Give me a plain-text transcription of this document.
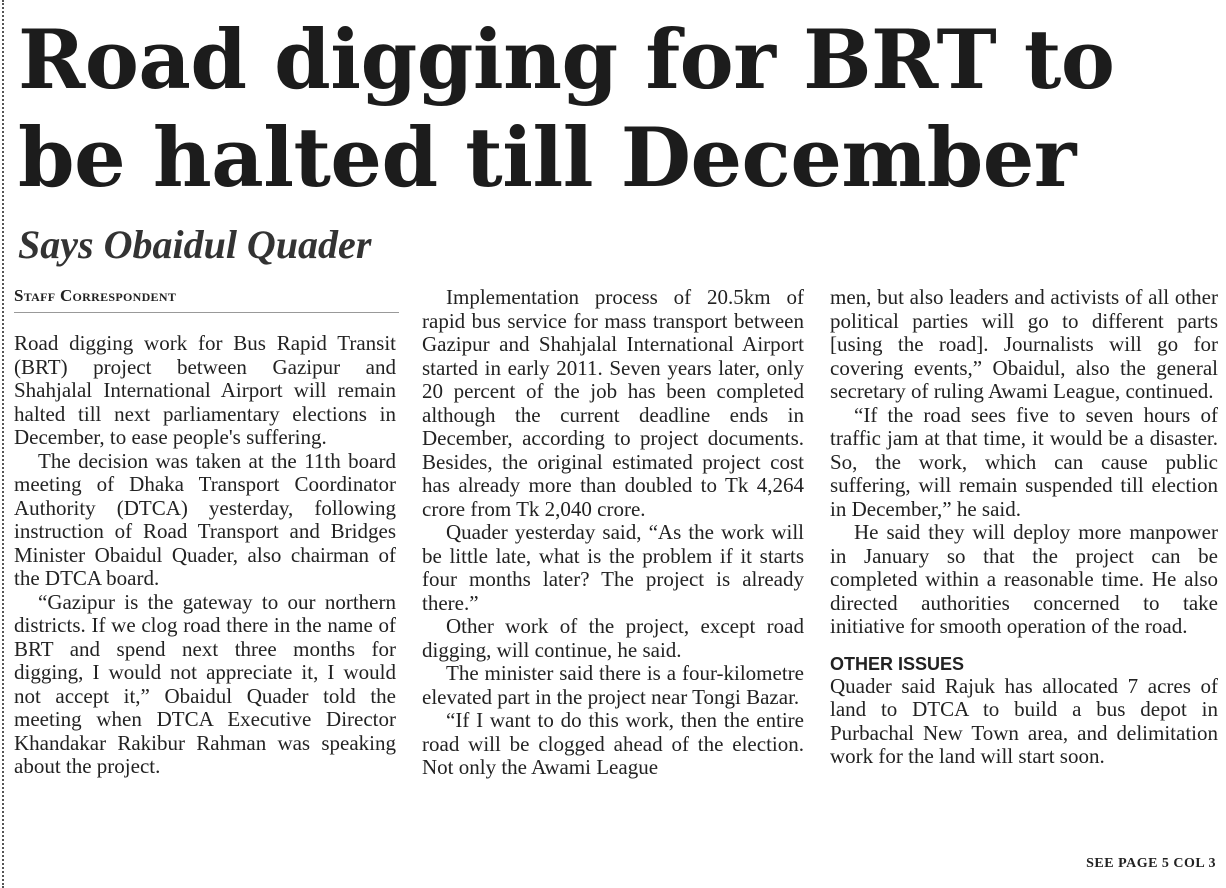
Road digging for BRT to be halted till December
Says Obaidul Quader
Staff Correspondent

Road digging work for Bus Rapid Transit (BRT) project between Gazipur and Shahjalal International Airport will remain halted till next parliamentary elections in December, to ease people's suffering.

The decision was taken at the 11th board meeting of Dhaka Transport Coordinator Authority (DTCA) yesterday, following instruction of Road Transport and Bridges Minister Obaidul Quader, also chairman of the DTCA board.

“Gazipur is the gateway to our northern districts. If we clog road there in the name of BRT and spend next three months for digging, I would not appreciate it, I would not accept it,” Obaidul Quader told the meeting when DTCA Executive Director Khandakar Rakibur Rahman was speaking about the project.

Implementation process of 20.5km of rapid bus service for mass transport between Gazipur and Shahjalal International Airport started in early 2011. Seven years later, only 20 percent of the job has been completed although the current deadline ends in December, according to project documents. Besides, the original estimated project cost has already more than doubled to Tk 4,264 crore from Tk 2,040 crore.

Quader yesterday said, “As the work will be little late, what is the problem if it starts four months later? The project is already there.”

Other work of the project, except road digging, will continue, he said.

The minister said there is a four-kilometre elevated part in the project near Tongi Bazar.

“If I want to do this work, then the entire road will be clogged ahead of the election. Not only the Awami League

men, but also leaders and activists of all other political parties will go to different parts [using the road]. Journalists will go for covering events,” Obaidul, also the general secretary of ruling Awami League, continued.

“If the road sees five to seven hours of traffic jam at that time, it would be a disaster. So, the work, which can cause public suffering, will remain suspended till election in December,” he said.

He said they will deploy more manpower in January so that the project can be completed within a reasonable time. He also directed authorities concerned to take initiative for smooth operation of the road.

OTHER ISSUES

Quader said Rajuk has allocated 7 acres of land to DTCA to build a bus depot in Purbachal New Town area, and delimitation work for the land will start soon.

SEE PAGE 5 COL 3
